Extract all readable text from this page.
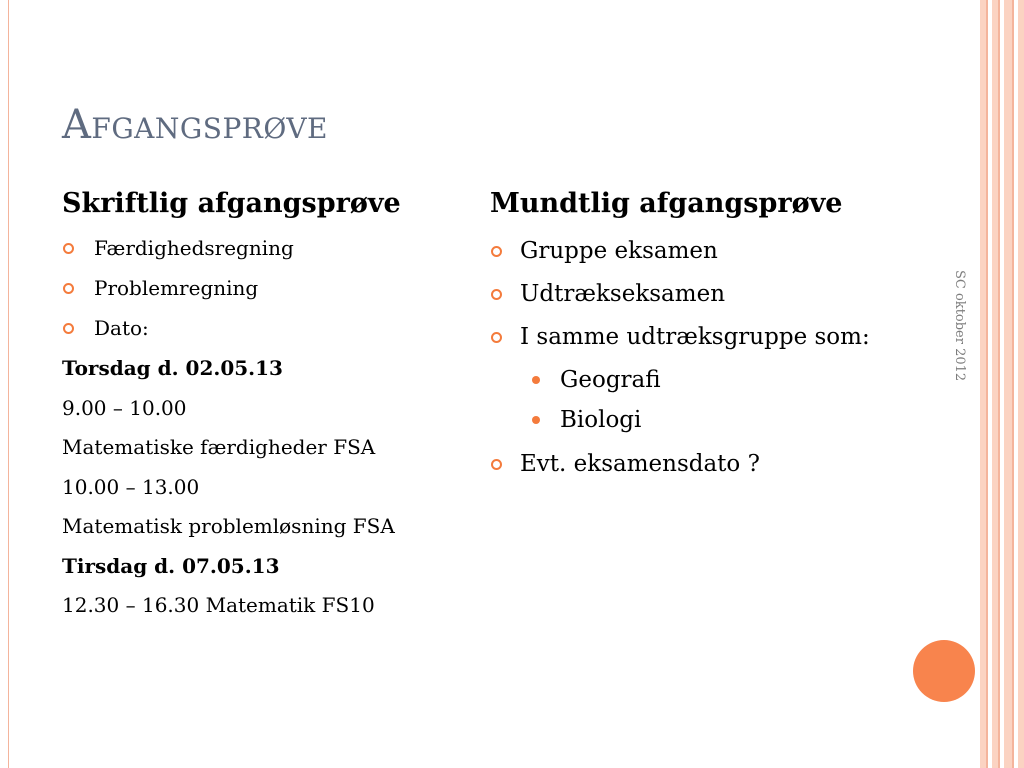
Afgangsprøve
Skriftlig afgangsprøve
Færdighedsregning
Problemregning
Dato:
Torsdag d. 02.05.13
9.00 – 10.00
Matematiske færdigheder FSA
10.00 – 13.00
Matematisk problemløsning FSA
Tirsdag d. 07.05.13
12.30 – 16.30 Matematik FS10
Mundtlig afgangsprøve
Gruppe eksamen
Udtrækseksamen
I samme udtræksgruppe som:
Geografi
Biologi
Evt. eksamensdato ?
SC oktober 2012
